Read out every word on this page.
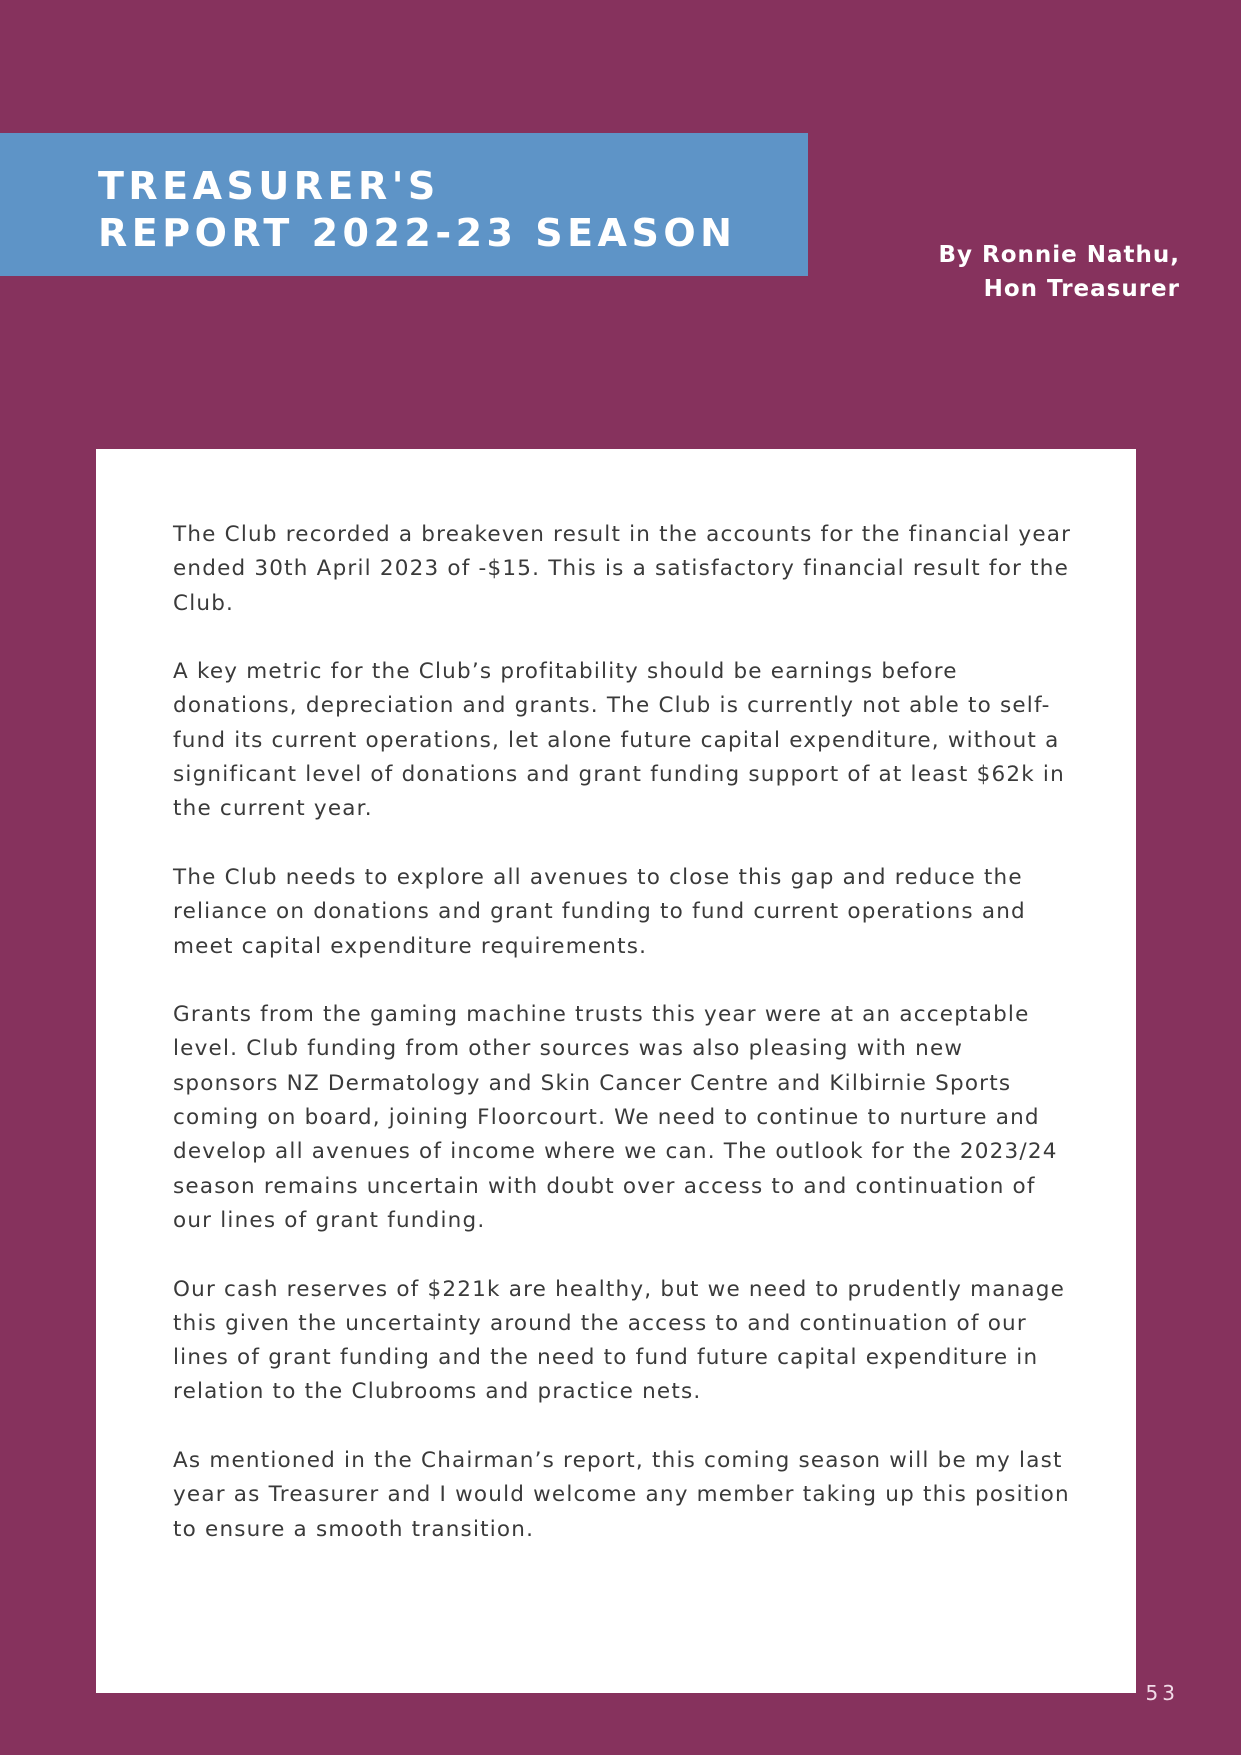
TREASURER'S
REPORT 2022-23 SEASON	By Ronnie Nathu,
Hon Treasurer

The Club recorded a breakeven result in the accounts for the financial year ended 30th April 2023 of -$15. This is a satisfactory financial result for the Club.

A key metric for the Club’s profitability should be earnings before donations, depreciation and grants. The Club is currently not able to self-fund its current operations, let alone future capital expenditure, without a significant level of donations and grant funding support of at least $62k in the current year.

The Club needs to explore all avenues to close this gap and reduce the reliance on donations and grant funding to fund current operations and meet capital expenditure requirements.

Grants from the gaming machine trusts this year were at an acceptable level. Club funding from other sources was also pleasing with new sponsors NZ Dermatology and Skin Cancer Centre and Kilbirnie Sports coming on board, joining Floorcourt. We need to continue to nurture and develop all avenues of income where we can. The outlook for the 2023/24 season remains uncertain with doubt over access to and continuation of our lines of grant funding.

Our cash reserves of $221k are healthy, but we need to prudently manage this given the uncertainty around the access to and continuation of our lines of grant funding and the need to fund future capital expenditure in relation to the Clubrooms and practice nets.

As mentioned in the Chairman’s report, this coming season will be my last year as Treasurer and I would welcome any member taking up this position to ensure a smooth transition.

53
